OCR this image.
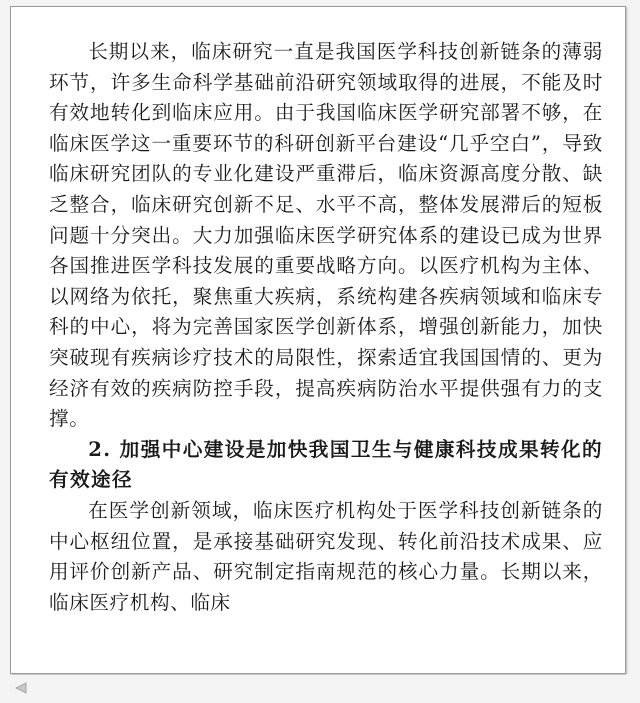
长期以来，临床研究一直是我国医学科技创新链条的薄弱环节，许多生命科学基础前沿研究领域取得的进展，不能及时有效地转化到临床应用。由于我国临床医学研究部署不够，在临床医学这一重要环节的科研创新平台建设“几乎空白”，导致临床研究团队的专业化建设严重滞后，临床资源高度分散、缺乏整合，临床研究创新不足、水平不高，整体发展滞后的短板问题十分突出。大力加强临床医学研究体系的建设已成为世界各国推进医学科技发展的重要战略方向。以医疗机构为主体、以网络为依托，聚焦重大疾病，系统构建各疾病领域和临床专科的中心，将为完善国家医学创新体系，增强创新能力，加快突破现有疾病诊疗技术的局限性，探索适宜我国国情的、更为经济有效的疾病防控手段，提高疾病防治水平提供强有力的支撑。

2. 加强中心建设是加快我国卫生与健康科技成果转化的有效途径

在医学创新领域，临床医疗机构处于医学科技创新链条的中心枢纽位置，是承接基础研究发现、转化前沿技术成果、应用评价创新产品、研究制定指南规范的核心力量。长期以来，临床医疗机构、临床
